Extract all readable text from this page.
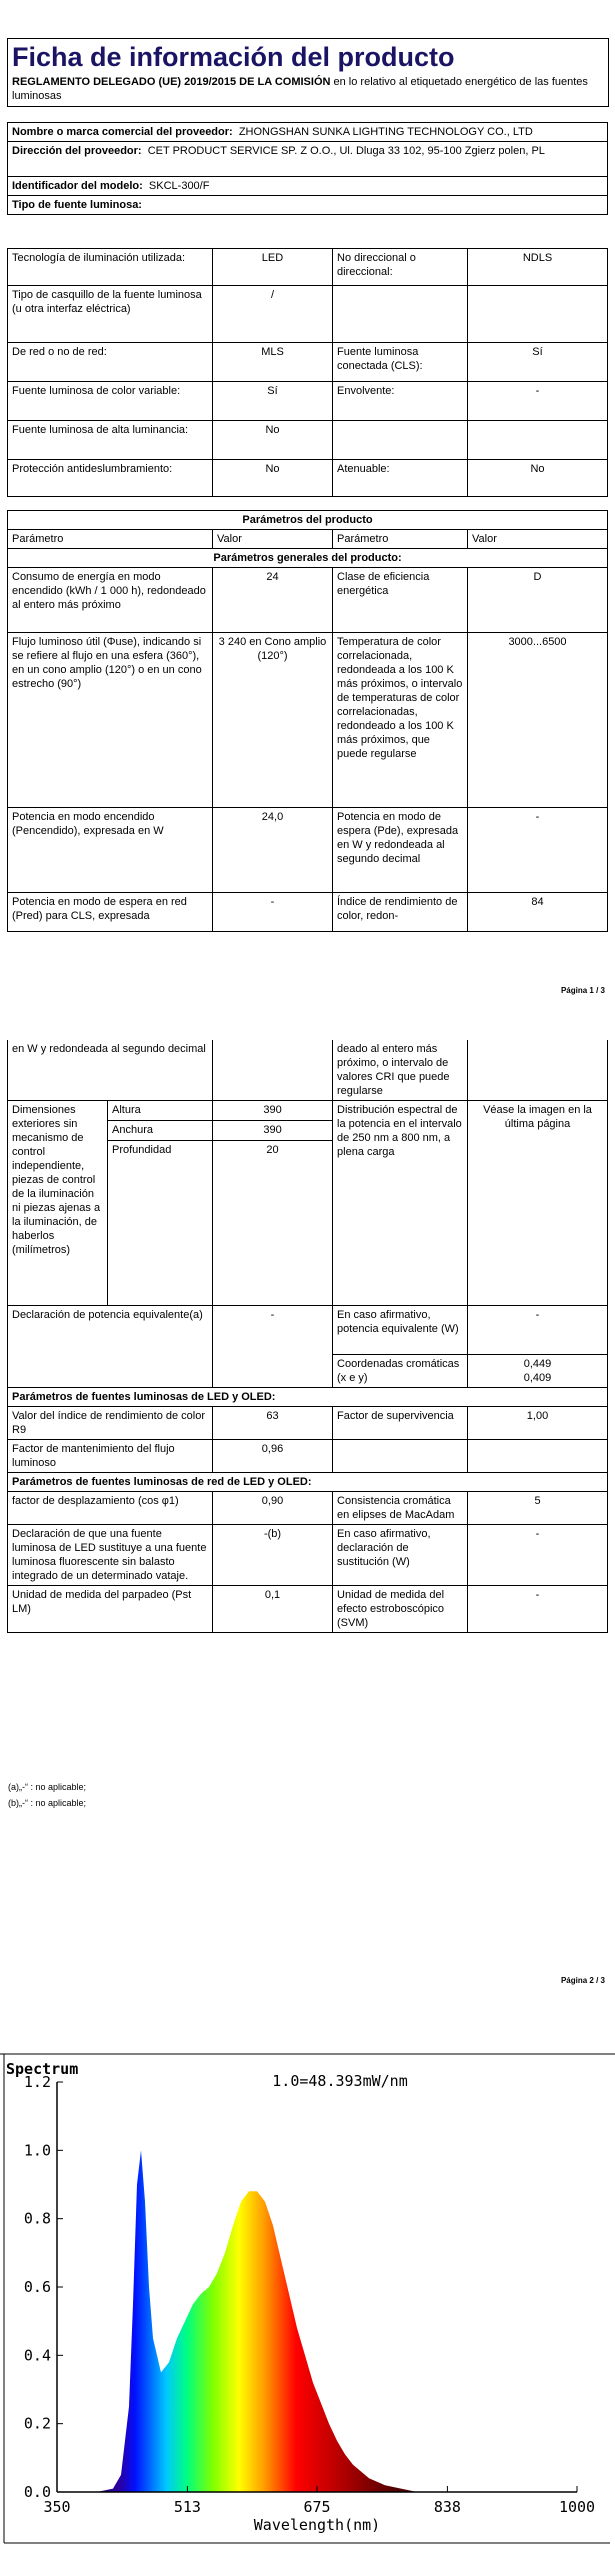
Ficha de información del producto
REGLAMENTO DELEGADO (UE) 2019/2015 DE LA COMISIÓN en lo relativo al etiquetado energético de las fuentes luminosas
Nombre o marca comercial del proveedor: ZHONGSHAN SUNKA LIGHTING TECHNOLOGY CO., LTD
Dirección del proveedor: CET PRODUCT SERVICE SP. Z O.O., Ul. Dluga 33 102, 95-100 Zgierz polen, PL
Identificador del modelo: SKCL-300/F
Tipo de fuente luminosa:
Tecnología de iluminación utilizada:	LED	No direccional o direccional:	NDLS
Tipo de casquillo de la fuente luminosa
(u otra interfaz eléctrica)	/		
De red o no de red:	MLS	Fuente luminosa conectada (CLS):	Sí
Fuente luminosa de color variable:	Sí	Envolvente:	-
Fuente luminosa de alta luminancia:	No		
Protección antideslumbramiento:	No	Atenuable:	No
Parámetros del producto			
Parámetro	Valor	Parámetro	Valor
Parámetros generales del producto:			
Consumo de energía en modo encendido (kWh / 1 000 h), redondeado al entero más próximo	24	Clase de eficiencia energética	D
Flujo luminoso útil (Φuse), indicando si se refiere al flujo en una esfera (360°), en un cono amplio (120°) o en un cono estrecho (90°)	3 240 en Cono amplio (120°)	Temperatura de color correlacionada, redondeada a los 100 K más próximos, o intervalo de temperaturas de color correlacionadas, redondeado a los 100 K más próximos, que puede regularse	3000...6500
Potencia en modo encendido (Pencendido), expresada en W	24,0	Potencia en modo de espera (Pde), expresada en W y redondeada al segundo decimal	-
Potencia en modo de espera en red (Pred) para CLS, expresada	-	Índice de rendimiento de color, redon-	84
Página 1 / 3
en W y redondeada al segundo decimal			deado al entero más próximo, o intervalo de valores CRI que puede regularse	
Dimensiones exteriores sin mecanismo de control independiente, piezas de control de la iluminación ni piezas ajenas a la iluminación, de haberlos (milímetros)	Altura	390	Distribución espectral de la potencia en el intervalo de 250 nm a 800 nm, a plena carga	Véase la imagen en la última página
	Anchura	390		
	Profundidad	20		
Declaración de potencia equivalente(a)		-	En caso afirmativo, potencia equivalente (W)	-
			Coordenadas cromáticas (x e y)	0,449
0,409

Parámetros de fuentes luminosas de LED y OLED:				
Valor del índice de rendimiento de color R9		63	Factor de supervivencia	1,00
Factor de mantenimiento del flujo luminoso		0,96		
Parámetros de fuentes luminosas de red de LED y OLED:				
factor de desplazamiento (cos φ1)		0,90	Consistencia cromática en elipses de MacAdam	5
Declaración de que una fuente luminosa de LED sustituye a una fuente luminosa fluorescente sin balasto integrado de un determinado vataje.		-(b)	En caso afirmativo, declaración de sustitución (W)	-
Unidad de medida del parpadeo (Pst LM)		0,1	Unidad de medida del efecto estroboscópico (SVM)	-
(a)„-“ : no aplicable;
(b)„-“ : no aplicable;
Página 2 / 3
0.0
0.2
0.4
0.6
0.8
1.0
1.2
350	513	675	838	1000
Spectrum
1.0=48.393mW/nm
Wavelength(nm)
